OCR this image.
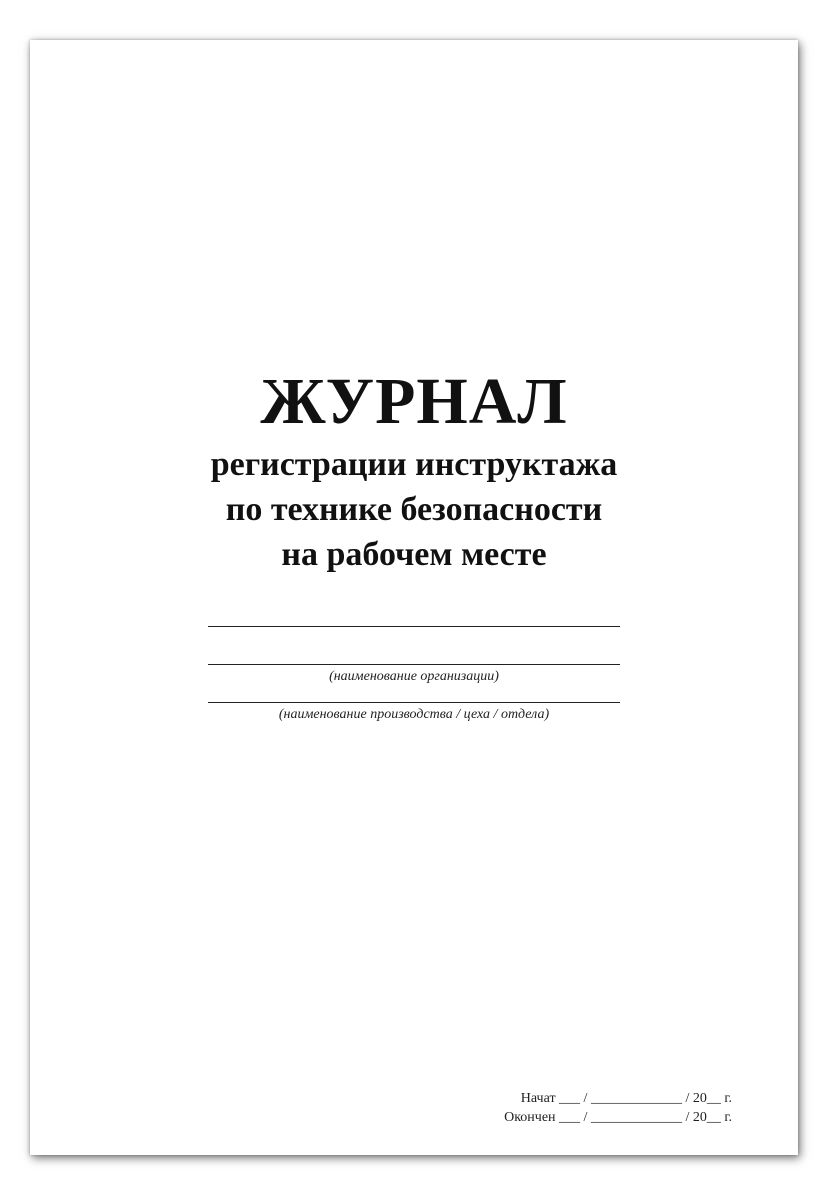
ЖУРНАЛ
регистрации инструктажа
по технике безопасности
на рабочем месте
(наименование организации)
(наименование производства / цеха / отдела)
Начат ___ / _____________ / 20__ г.
Окончен ___ / _____________ / 20__ г.
